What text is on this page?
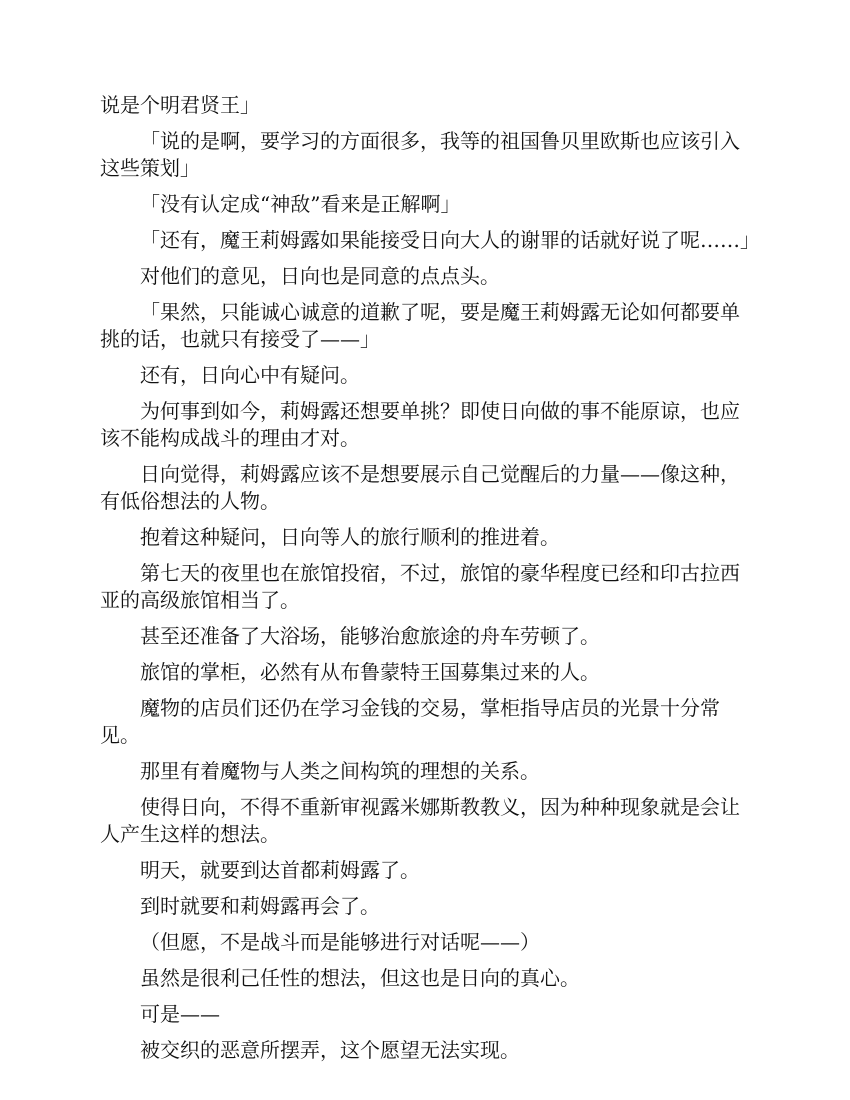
说是个明君贤王」

「说的是啊，要学习的方面很多，我等的祖国鲁贝里欧斯也应该引入这些策划」

「没有认定成“神敌”看来是正解啊」

「还有，魔王莉姆露如果能接受日向大人的谢罪的话就好说了呢……」

对他们的意见，日向也是同意的点点头。

「果然，只能诚心诚意的道歉了呢，要是魔王莉姆露无论如何都要单挑的话，也就只有接受了——」

还有，日向心中有疑问。

为何事到如今，莉姆露还想要单挑？即使日向做的事不能原谅，也应该不能构成战斗的理由才对。

日向觉得，莉姆露应该不是想要展示自己觉醒后的力量——像这种，有低俗想法的人物。

抱着这种疑问，日向等人的旅行顺利的推进着。

第七天的夜里也在旅馆投宿，不过，旅馆的豪华程度已经和印古拉西亚的高级旅馆相当了。

甚至还准备了大浴场，能够治愈旅途的舟车劳顿了。

旅馆的掌柜，必然有从布鲁蒙特王国募集过来的人。

魔物的店员们还仍在学习金钱的交易，掌柜指导店员的光景十分常见。

那里有着魔物与人类之间构筑的理想的关系。

使得日向，不得不重新审视露米娜斯教教义，因为种种现象就是会让人产生这样的想法。

明天，就要到达首都莉姆露了。

到时就要和莉姆露再会了。

（但愿，不是战斗而是能够进行对话呢——）

虽然是很利己任性的想法，但这也是日向的真心。

可是——

被交织的恶意所摆弄，这个愿望无法实现。
